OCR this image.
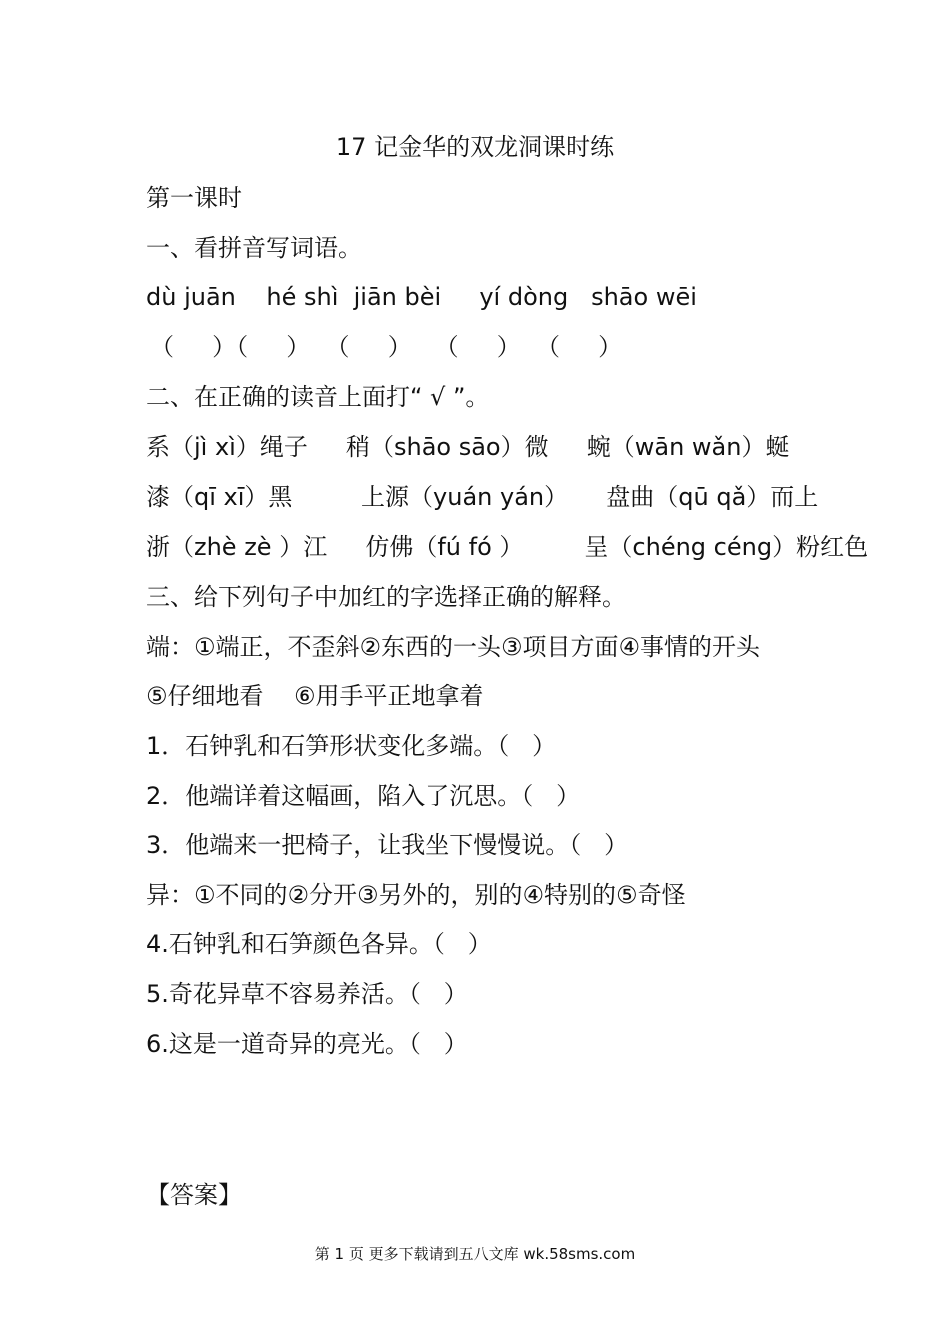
17 记金华的双龙洞课时练
第一课时
一、看拼音写词语。
dù juān    hé shì  jiān bèi     yí dòng   shāo wēi
（     ）（     ）  （     ）   （     ）  （     ）
二、在正确的读音上面打“ √ ”。
系（jì xì）绳子     稍（shāo sāo）微     蜿（wān wǎn）蜒
漆（qī xī）黑         上源（yuán yán）     盘曲（qū qǎ）而上
浙（zhè zè ）江     仿佛（fú fó ）        呈（chéng céng）粉红色
三、给下列句子中加红的字选择正确的解释。
端：①端正，不歪斜②东西的一头③项目方面④事情的开头
⑤仔细地看    ⑥用手平正地拿着
1．石钟乳和石笋形状变化多端。（   ）
2．他端详着这幅画，陷入了沉思。（   ）
3．他端来一把椅子，让我坐下慢慢说。（   ）
异：①不同的②分开③另外的，别的④特别的⑤奇怪
4.石钟乳和石笋颜色各异。（   ）
5.奇花异草不容易养活。（   ）
6.这是一道奇异的亮光。（   ）
【答案】
第 1 页 更多下载请到五八文库 wk.58sms.com
